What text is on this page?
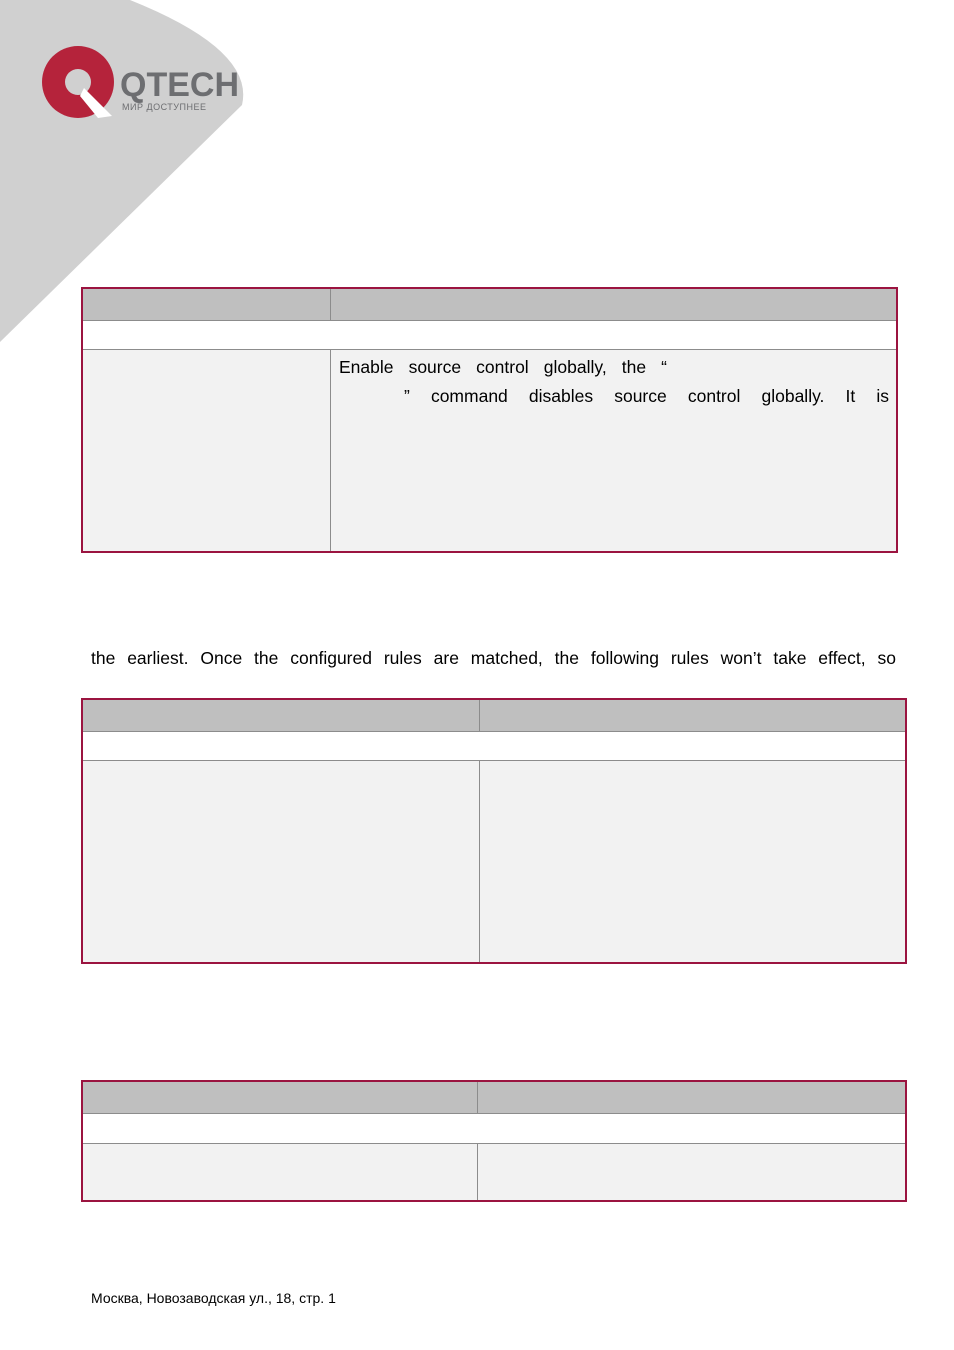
QTECH
МИР ДОСТУПНЕЕ
Enable source control globally, the “
” command disables source control globally. It is
the earliest. Once the configured rules are matched, the following rules won’t take effect, so
Москва, Новозаводская ул., 18, стр. 1
